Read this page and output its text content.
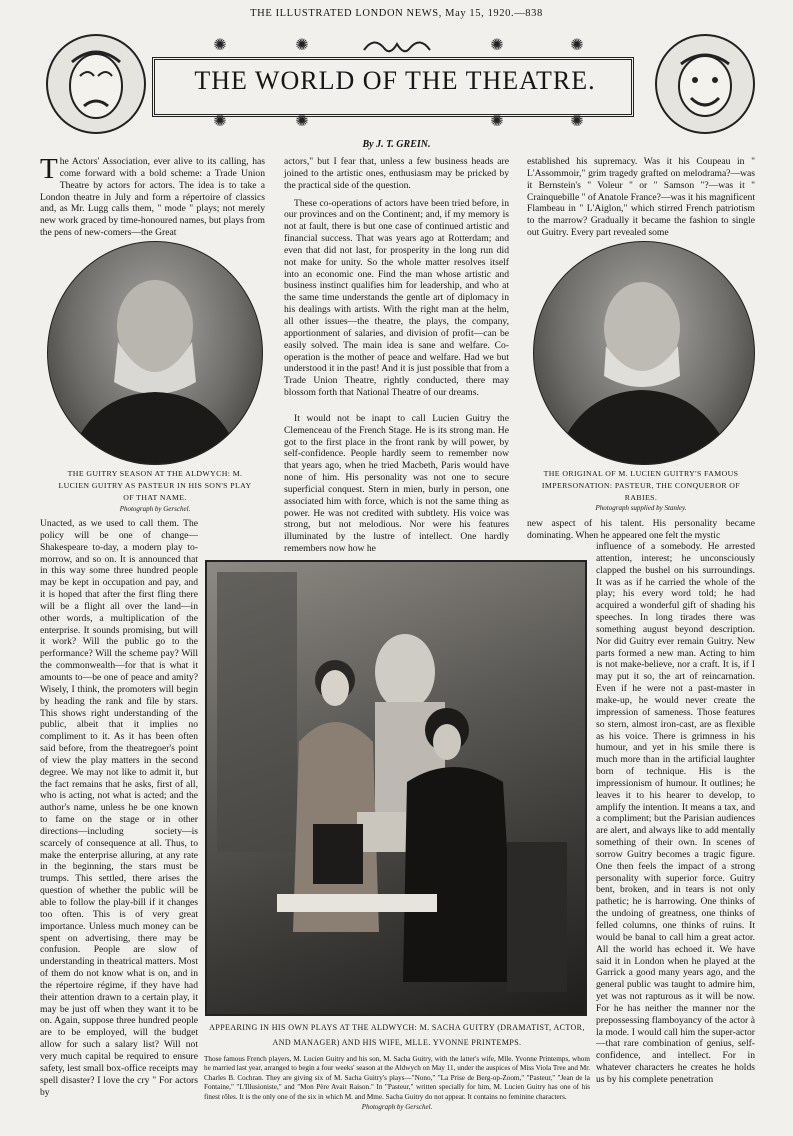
THE ILLUSTRATED LONDON NEWS, May 15, 1920.—838
✺	✺	✺	✺
✺	✺	✺	✺
THE WORLD OF THE THEATRE.
By J. T. GREIN.
The Actors' Association, ever alive to its calling, has come forward with a bold scheme: a Trade Union Theatre by actors for actors. The idea is to take a London theatre in July and form a répertoire of classics and, as Mr. Lugg calls them, " mode " plays; not merely new work graced by time-honoured names, but plays from the pens of new-comers—the Great

actors," but I fear that, unless a few business heads are joined to the artistic ones, enthusiasm may be pricked by the practical side of the question.

These co-operations of actors have been tried before, in our provinces and on the Continent; and, if my memory is not at fault, there is but one case of continued artistic and financial success. That was years ago at Rotterdam; and even that did not last, for prosperity in the long run did not make for unity. So the whole matter resolves itself into an economic one. Find the man whose artistic and business instinct qualifies him for leadership, and who at the same time understands the gentle art of diplomacy in his dealings with artists. With the right man at the helm, all other issues—the theatre, the plays, the company, apportionment of salaries, and division of profit—can be easily solved. The main idea is sane and welfare. Co-operation is the mother of peace and welfare. Had we but understood it in the past! And it is just possible that from a Trade Union Theatre, rightly conducted, there may blossom forth that National Theatre of our dreams.

It would not be inapt to call Lucien Guitry the Clemenceau of the French Stage. He is its strong man. He got to the first place in the front rank by will power, by self-confidence. People hardly seem to remember now that years ago, when he tried Macbeth, Paris would have none of him. His personality was not one to secure superficial conquest. Stern in mien, burly in person, one associated him with force, which is not the same thing as power. He was not credited with subtlety. His voice was strong, but not melodious. Nor were his features illuminated by the lustre of intellect. One hardly remembers now how he

established his supremacy. Was it his Coupeau in " L'Assommoir," grim tragedy grafted on melodrama?—was it Bernstein's " Voleur " or " Samson "?—was it " Crainquebille " of Anatole France?—was it his magnificent Flambeau in " L'Aiglon," which stirred French patriotism to the marrow? Gradually it became the fashion to single out Guitry. Every part revealed some

THE GUITRY SEASON AT THE ALDWYCH: M. LUCIEN GUITRY AS PASTEUR IN HIS SON'S PLAY OF THAT NAME.
Photograph by Gerschel.
THE ORIGINAL OF M. LUCIEN GUITRY'S FAMOUS IMPERSONATION: PASTEUR, THE CONQUEROR OF RABIES.
Photograph supplied by Stanley.

Unacted, as we used to call them. The policy will be one of change—Shakespeare to-day, a modern play to-morrow, and so on. It is announced that in this way some three hundred people may be kept in occupation and pay, and it is hoped that after the first fling there will be a flight all over the land—in other words, a multiplication of the enterprise. It sounds promising, but will it work? Will the public go to the performance? Will the scheme pay? Will the commonwealth—for that is what it amounts to—be one of peace and amity? Wisely, I think, the promoters will begin by heading the rank and file by stars. This shows right understanding of the public, albeit that it implies no compliment to it. As it has been often said before, from the theatregoer's point of view the play matters in the second degree. We may not like to admit it, but the fact remains that he asks, first of all, who is acting, not what is acted; and the author's name, unless he be one known to fame on the stage or in other directions—including society—is scarcely of consequence at all. Thus, to make the enterprise alluring, at any rate in the beginning, the stars must be trumps. This settled, there arises the question of whether the public will be able to follow the play-bill if it changes too often. This is of very great importance. Unless much money can be spent on advertising, there may be confusion. People are slow of understanding in theatrical matters. Most of them do not know what is on, and in the répertoire régime, if they have had their attention drawn to a certain play, it may be just off when they want it to be on. Again, suppose three hundred people are to be employed, will the budget allow for such a salary list? Will not very much capital be required to ensure safety, lest small box-office receipts may spell disaster? I love the cry " For actors by

new aspect of his talent. His personality became dominating. When he appeared one felt the mystic

influence of a somebody. He arrested attention, interest; he unconsciously clapped the bushel on his surroundings. It was as if he carried the whole of the play; his every word told; he had acquired a wonderful gift of shading his speeches. In long tirades there was something august beyond description. Nor did Guitry ever remain Guitry. New parts formed a new man. Acting to him is not make-believe, nor a craft. It is, if I may put it so, the art of reincarnation. Even if he were not a past-master in make-up, he would never create the impression of sameness. Those features so stern, almost iron-cast, are as flexible as his voice. There is grimness in his humour, and yet in his smile there is much more than in the artificial laughter born of technique. His is the impressionism of humour. It outlines; he leaves it to his hearer to develop, to amplify the intention. It means a tax, and a compliment; but the Parisian audiences are alert, and always like to add mentally something of their own. In scenes of sorrow Guitry becomes a tragic figure. One then feels the impact of a strong personality with superior force. Guitry bent, broken, and in tears is not only pathetic; he is harrowing. One thinks of the undoing of greatness, one thinks of felled columns, one thinks of ruins. It would be banal to call him a great actor. All the world has echoed it. We have said it in London when he played at the Garrick a good many years ago, and the general public was taught to admire him, yet was not rapturous as it will be now. For he has neither the manner nor the prepossessing flamboyancy of the actor à la mode. I would call him the super-actor—that rare combination of genius, self-confidence, and intellect. For in whatever characters he creates he holds us by his complete penetration

APPEARING IN HIS OWN PLAYS AT THE ALDWYCH: M. SACHA GUITRY (DRAMATIST, ACTOR, AND MANAGER) AND HIS WIFE, MLLE. YVONNE PRINTEMPS.
Those famous French players, M. Lucien Guitry and his son, M. Sacha Guitry, with the latter's wife, Mlle. Yvonne Printemps, whom he married last year, arranged to begin a four weeks' season at the Aldwych on May 11, under the auspices of Miss Viola Tree and Mr. Charles B. Cochran. They are giving six of M. Sacha Guitry's plays—"Nono," "La Prise de Berg-op-Zoom," "Pasteur," "Jean de la Fontaine," "L'Illusioniste," and "Mon Père Avait Raison." In "Pasteur," written specially for him, M. Lucien Guitry has one of his finest rôles. It is the only one of the six in which M. and Mme. Sacha Guitry do not appear. It contains no feminine characters.
Photograph by Gerschel.
